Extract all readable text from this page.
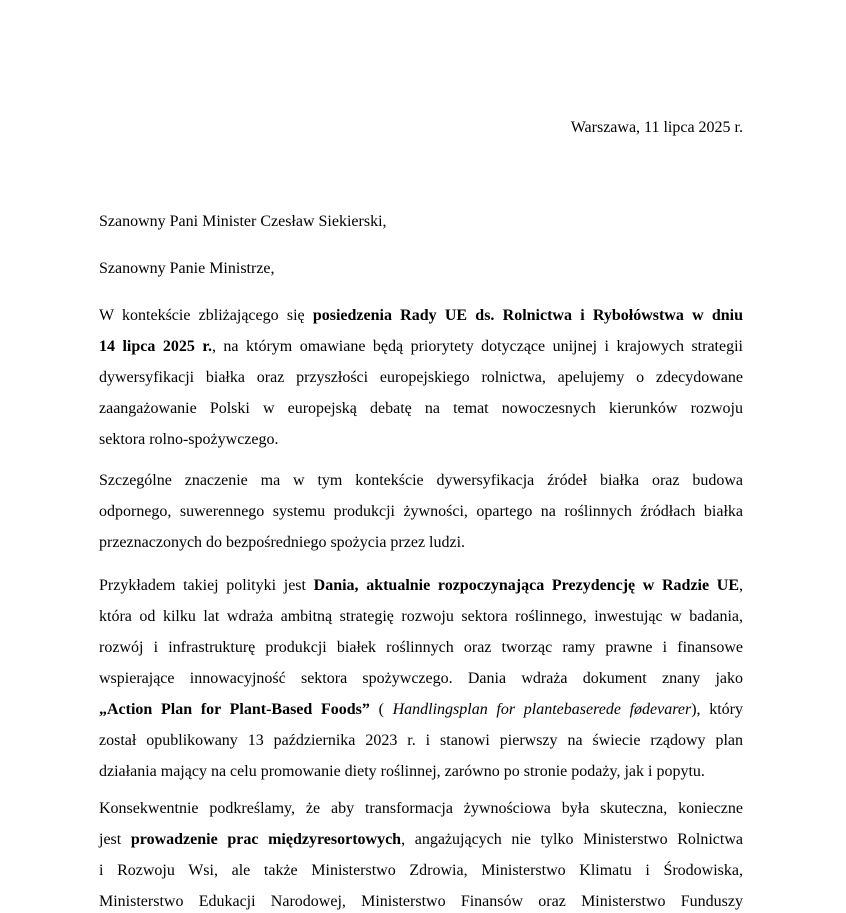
Warszawa, 11 lipca 2025 r.
Szanowny Pani Minister Czesław Siekierski,
Szanowny Panie Ministrze,
W kontekście zbliżającego się posiedzenia Rady UE ds. Rolnictwa i Rybołówstwa w dniu
14 lipca 2025 r., na którym omawiane będą priorytety dotyczące unijnej i krajowych strategii
dywersyfikacji białka oraz przyszłości europejskiego rolnictwa, apelujemy o zdecydowane
zaangażowanie Polski w europejską debatę na temat nowoczesnych kierunków rozwoju
sektora rolno-spożywczego.
Szczególne znaczenie ma w tym kontekście dywersyfikacja źródeł białka oraz budowa
odpornego, suwerennego systemu produkcji żywności, opartego na roślinnych źródłach białka
przeznaczonych do bezpośredniego spożycia przez ludzi.
Przykładem takiej polityki jest Dania, aktualnie rozpoczynająca Prezydencję w Radzie UE,
która od kilku lat wdraża ambitną strategię rozwoju sektora roślinnego, inwestując w badania,
rozwój i infrastrukturę produkcji białek roślinnych oraz tworząc ramy prawne i finansowe
wspierające innowacyjność sektora spożywczego. Dania wdraża dokument znany jako
„Action Plan for Plant-Based Foods” ( Handlingsplan for plantebaserede fødevarer), który
został opublikowany 13 października 2023 r. i stanowi pierwszy na świecie rządowy plan
działania mający na celu promowanie diety roślinnej, zarówno po stronie podaży, jak i popytu.
Konsekwentnie podkreślamy, że aby transformacja żywnościowa była skuteczna, konieczne
jest prowadzenie prac międzyresortowych, angażujących nie tylko Ministerstwo Rolnictwa
i Rozwoju Wsi, ale także Ministerstwo Zdrowia, Ministerstwo Klimatu i Środowiska,
Ministerstwo Edukacji Narodowej, Ministerstwo Finansów oraz Ministerstwo Funduszy
